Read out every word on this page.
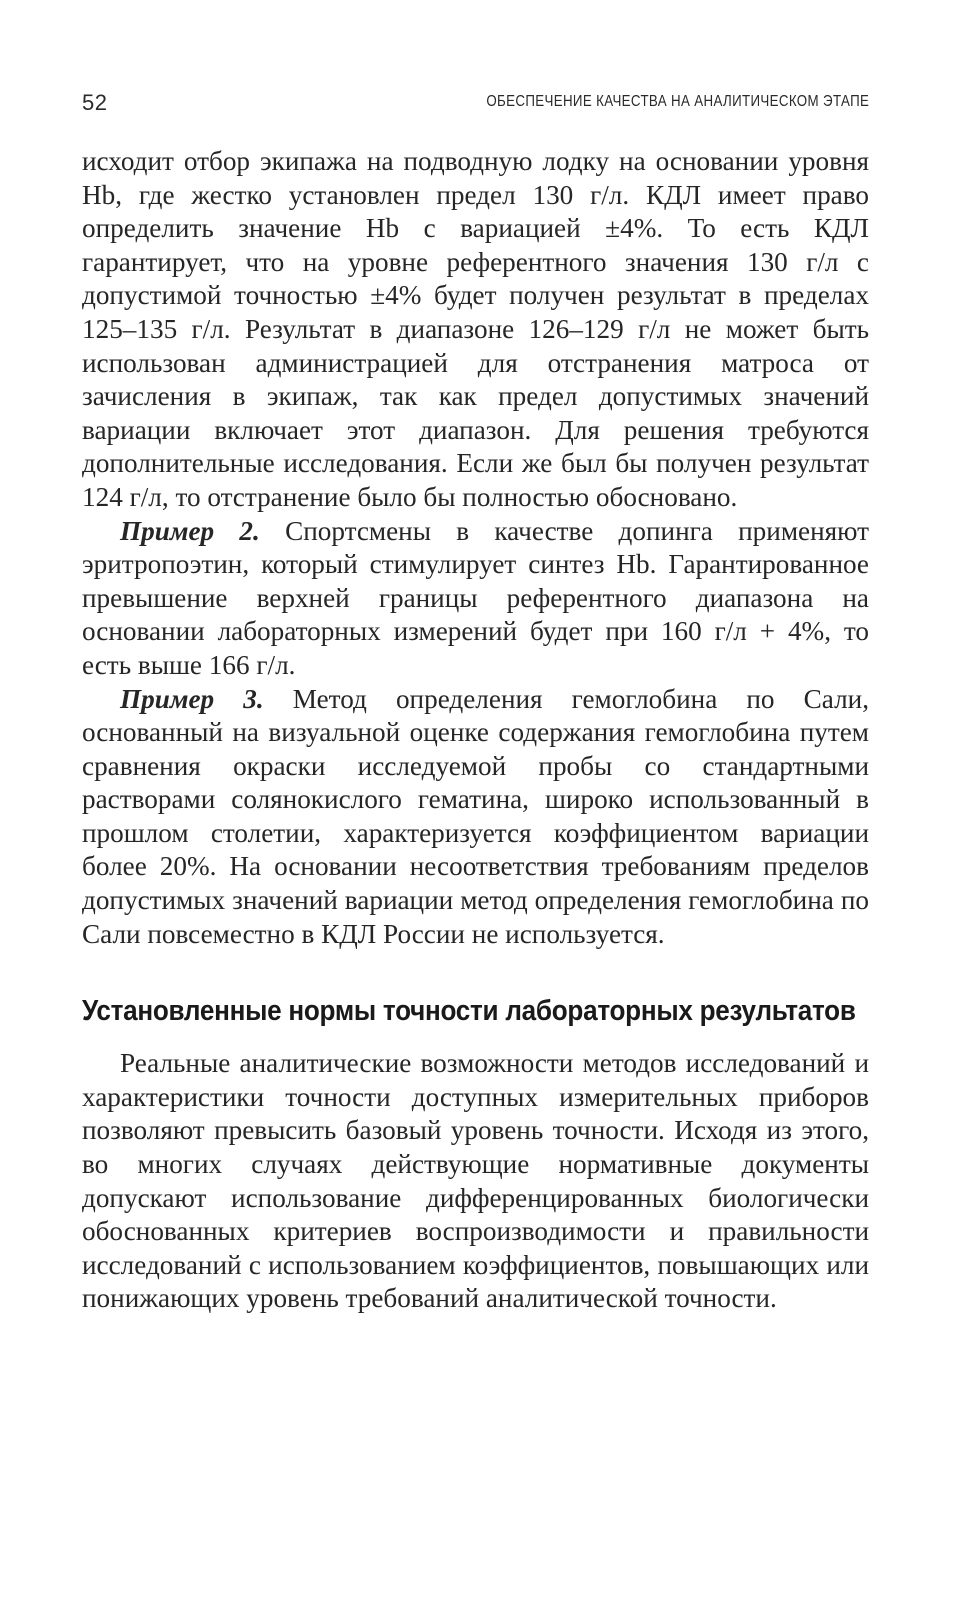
52	ОБЕСПЕЧЕНИЕ КАЧЕСТВА НА АНАЛИТИЧЕСКОМ ЭТАПЕ

исходит отбор экипажа на подводную лодку на основании уровня Hb, где жестко установлен предел 130 г/л. КДЛ имеет право определить значение Hb с вариацией ±4%. То есть КДЛ гарантирует, что на уровне референтного значения 130 г/л с допустимой точностью ±4% будет получен результат в пределах 125–135 г/л. Результат в диапазоне 126–129 г/л не может быть использован администрацией для отстранения матроса от зачисления в экипаж, так как предел допустимых значений вариации включает этот диапазон. Для решения требуются дополнительные исследования. Если же был бы получен результат 124 г/л, то отстранение было бы полностью обосновано.

Пример 2. Спортсмены в качестве допинга применяют эритропоэтин, который стимулирует синтез Hb. Гарантированное превышение верхней границы референтного диапазона на основании лабораторных измерений будет при 160 г/л + 4%, то есть выше 166 г/л.

Пример 3. Метод определения гемоглобина по Сали, основанный на визуальной оценке содержания гемоглобина путем сравнения окраски исследуемой пробы со стандартными растворами солянокислого гематина, широко использованный в прошлом столетии, характеризуется коэффициентом вариации более 20%. На основании несоответствия требованиям пределов допустимых значений вариации метод определения гемоглобина по Сали повсеместно в КДЛ России не используется.

Установленные нормы точности лабораторных результатов

Реальные аналитические возможности методов исследований и характеристики точности доступных измерительных приборов позволяют превысить базовый уровень точности. Исходя из этого, во многих случаях действующие нормативные документы допускают использование дифференцированных биологически обоснованных критериев воспроизводимости и правильности исследований с использованием коэффициентов, повышающих или понижающих уровень требований аналитической точности.
